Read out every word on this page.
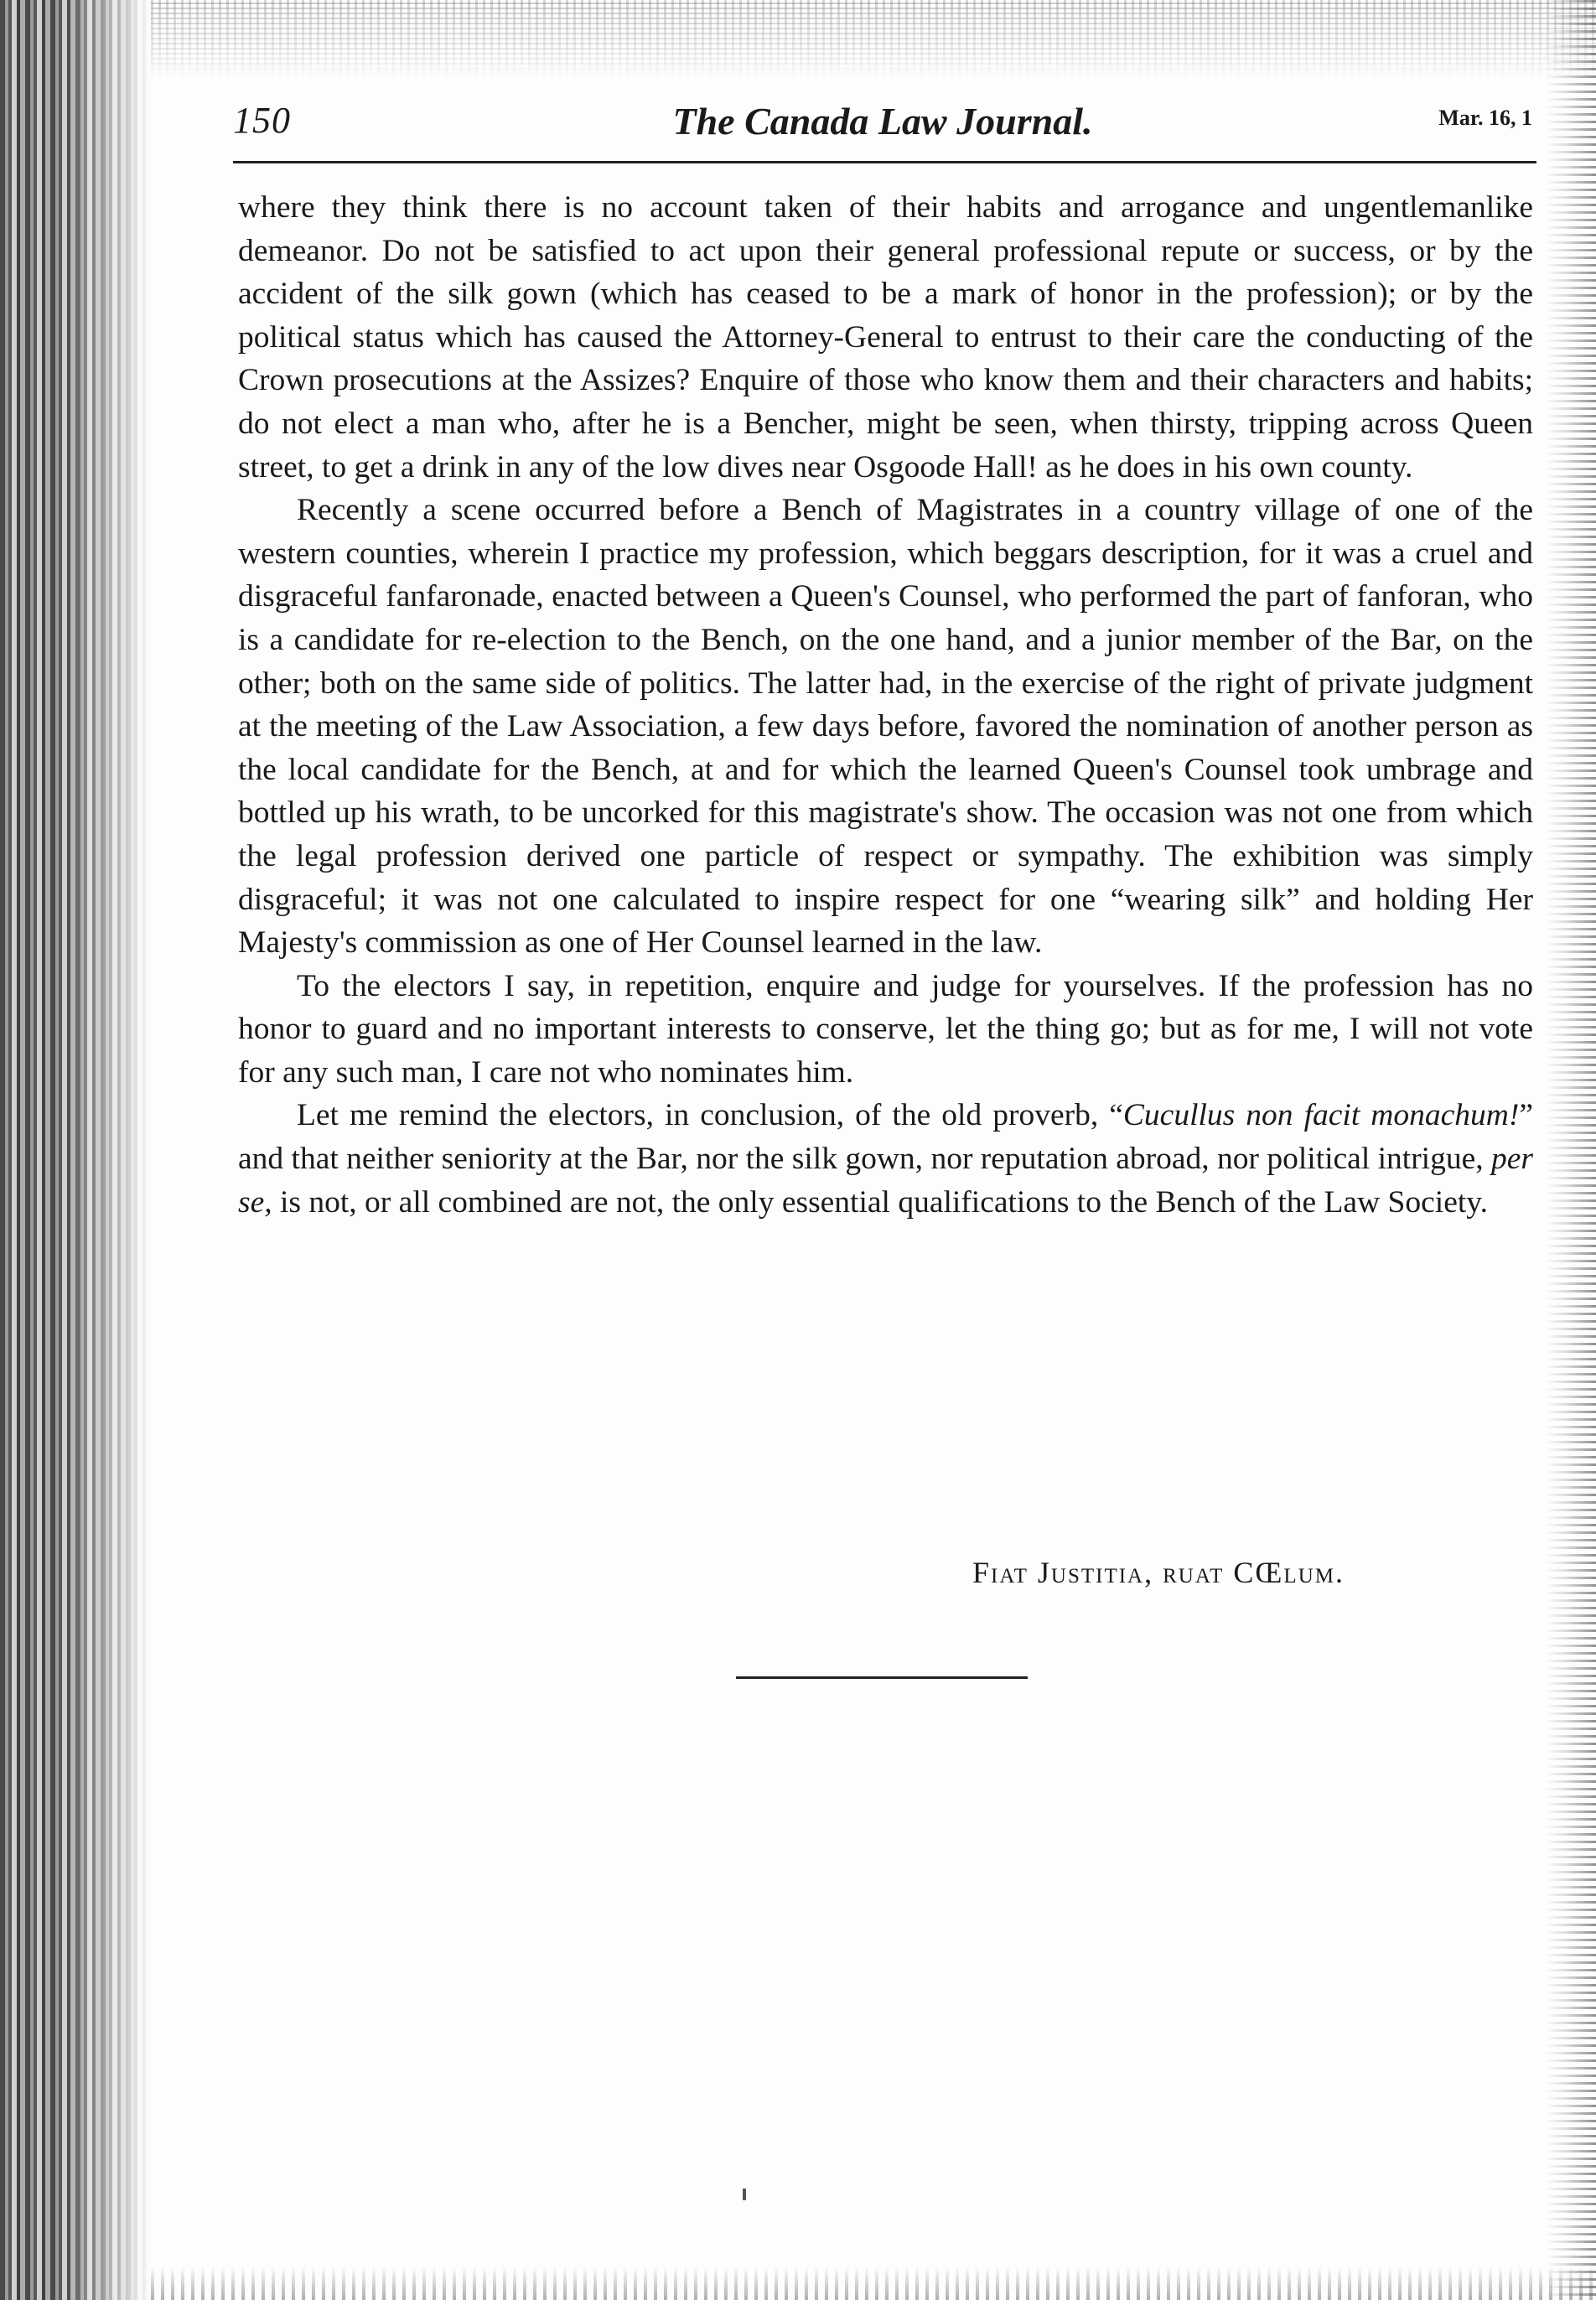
150	The Canada Law Journal.	Mar. 16, 1

where they think there is no account taken of their habits and arrogance and ungentlemanlike demeanor. Do not be satisfied to act upon their general professional repute or success, or by the accident of the silk gown (which has ceased to be a mark of honor in the profession); or by the political status which has caused the Attorney-General to entrust to their care the conducting of the Crown prosecutions at the Assizes? Enquire of those who know them and their characters and habits; do not elect a man who, after he is a Bencher, might be seen, when thirsty, tripping across Queen street, to get a drink in any of the low dives near Osgoode Hall! as he does in his own county.

Recently a scene occurred before a Bench of Magistrates in a country village of one of the western counties, wherein I practice my profession, which beggars description, for it was a cruel and disgraceful fanfaronade, enacted between a Queen's Counsel, who performed the part of fanforan, who is a candidate for re-election to the Bench, on the one hand, and a junior member of the Bar, on the other; both on the same side of politics. The latter had, in the exercise of the right of private judgment at the meeting of the Law Association, a few days before, favored the nomination of another person as the local candidate for the Bench, at and for which the learned Queen's Counsel took umbrage and bottled up his wrath, to be uncorked for this magistrate's show. The occasion was not one from which the legal profession derived one particle of respect or sympathy. The exhibition was simply disgraceful; it was not one calculated to inspire respect for one “wearing silk” and holding Her Majesty's commission as one of Her Counsel learned in the law.

To the electors I say, in repetition, enquire and judge for yourselves. If the profession has no honor to guard and no important interests to conserve, let the thing go; but as for me, I will not vote for any such man, I care not who nominates him.

Let me remind the electors, in conclusion, of the old proverb, “Cucullus non facit monachum!” and that neither seniority at the Bar, nor the silk gown, nor reputation abroad, nor political intrigue, per se, is not, or all combined are not, the only essential qualifications to the Bench of the Law Society.

Fiat Justitia, ruat CŒlum.
